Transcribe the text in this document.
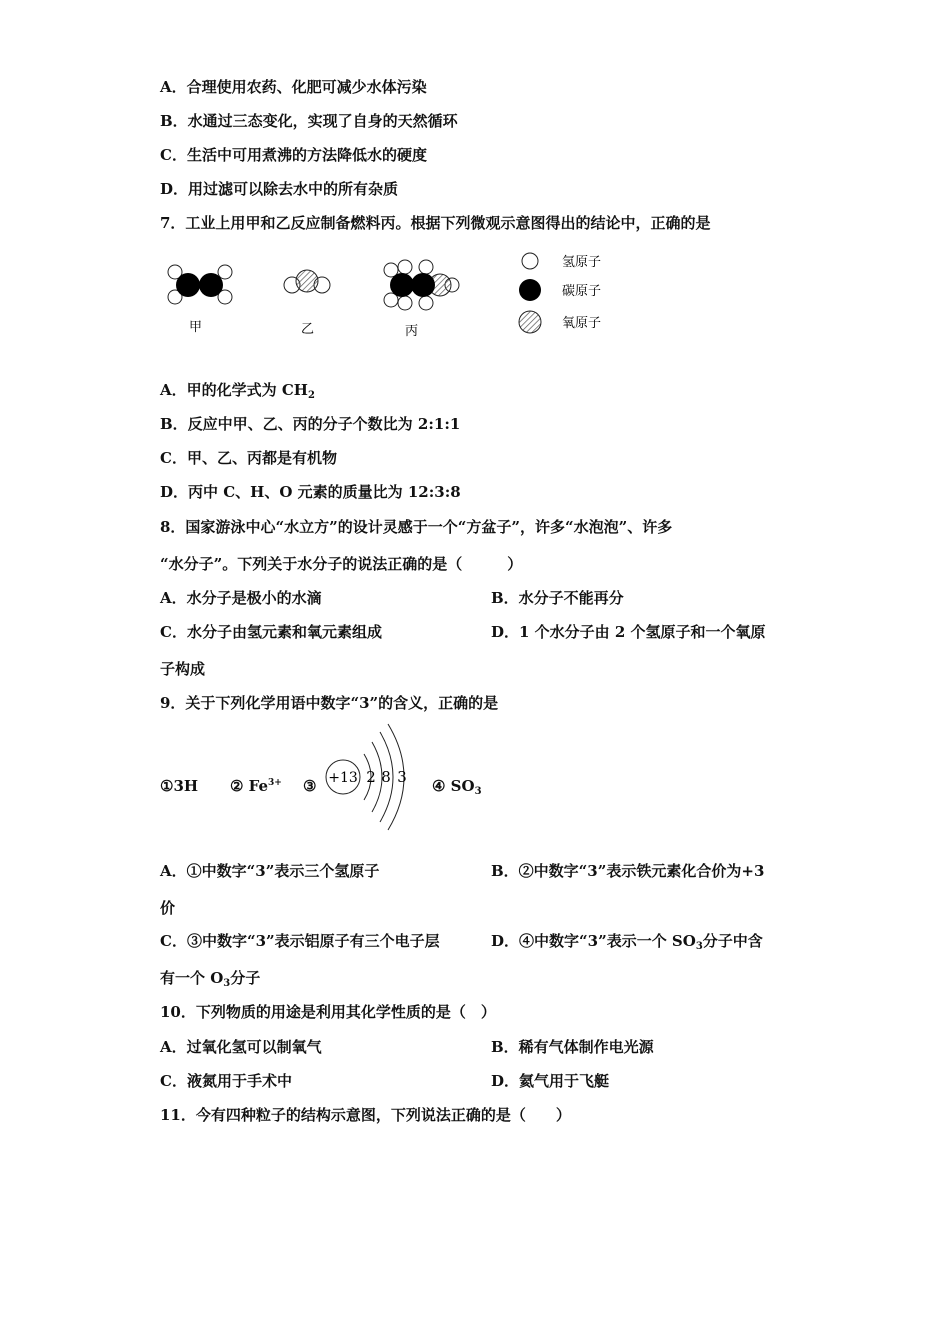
A．合理使用农药、化肥可减少水体污染
B．水通过三态变化，实现了自身的天然循环
C．生活中可用煮沸的方法降低水的硬度
D．用过滤可以除去水中的所有杂质
7．工业上用甲和乙反应制备燃料丙。根据下列微观示意图得出的结论中，正确的是
甲	乙	丙
氢原子
碳原子
氧原子
A．甲的化学式为 $CH_2$
B．反应中甲、乙、丙的分子个数比为 2:1:1
C．甲、乙、丙都是有机物
D．丙中 C、H、O 元素的质量比为 12:3:8
8．国家游泳中心“水立方”的设计灵感于一个“方盆子”，许多“水泡泡”、许多
“水分子”。下列关于水分子的说法正确的是（　　　）
A．水分子是极小的水滴	B．水分子不能再分
C．水分子由氢元素和氧元素组成	D．1 个水分子由 2 个氢原子和一个氧原
子构成
9．关于下列化学用语中数字“3”的含义，正确的是
①3H ② $Fe^{3+}$ ③ +13 2 8 3 ④ $SO_3$
A．①中数字“3”表示三个氢原子	B．②中数字“3”表示铁元素化合价为+3
价
C．③中数字“3”表示铝原子有三个电子层	D．④中数字“3”表示一个 $SO_3$分子中含
有一个 $O_3$分子
10．下列物质的用途是利用其化学性质的是（　）
A．过氧化氢可以制氧气	B．稀有气体制作电光源
C．液氮用于手术中	D．氦气用于飞艇
11．今有四种粒子的结构示意图，下列说法正确的是（　　）
